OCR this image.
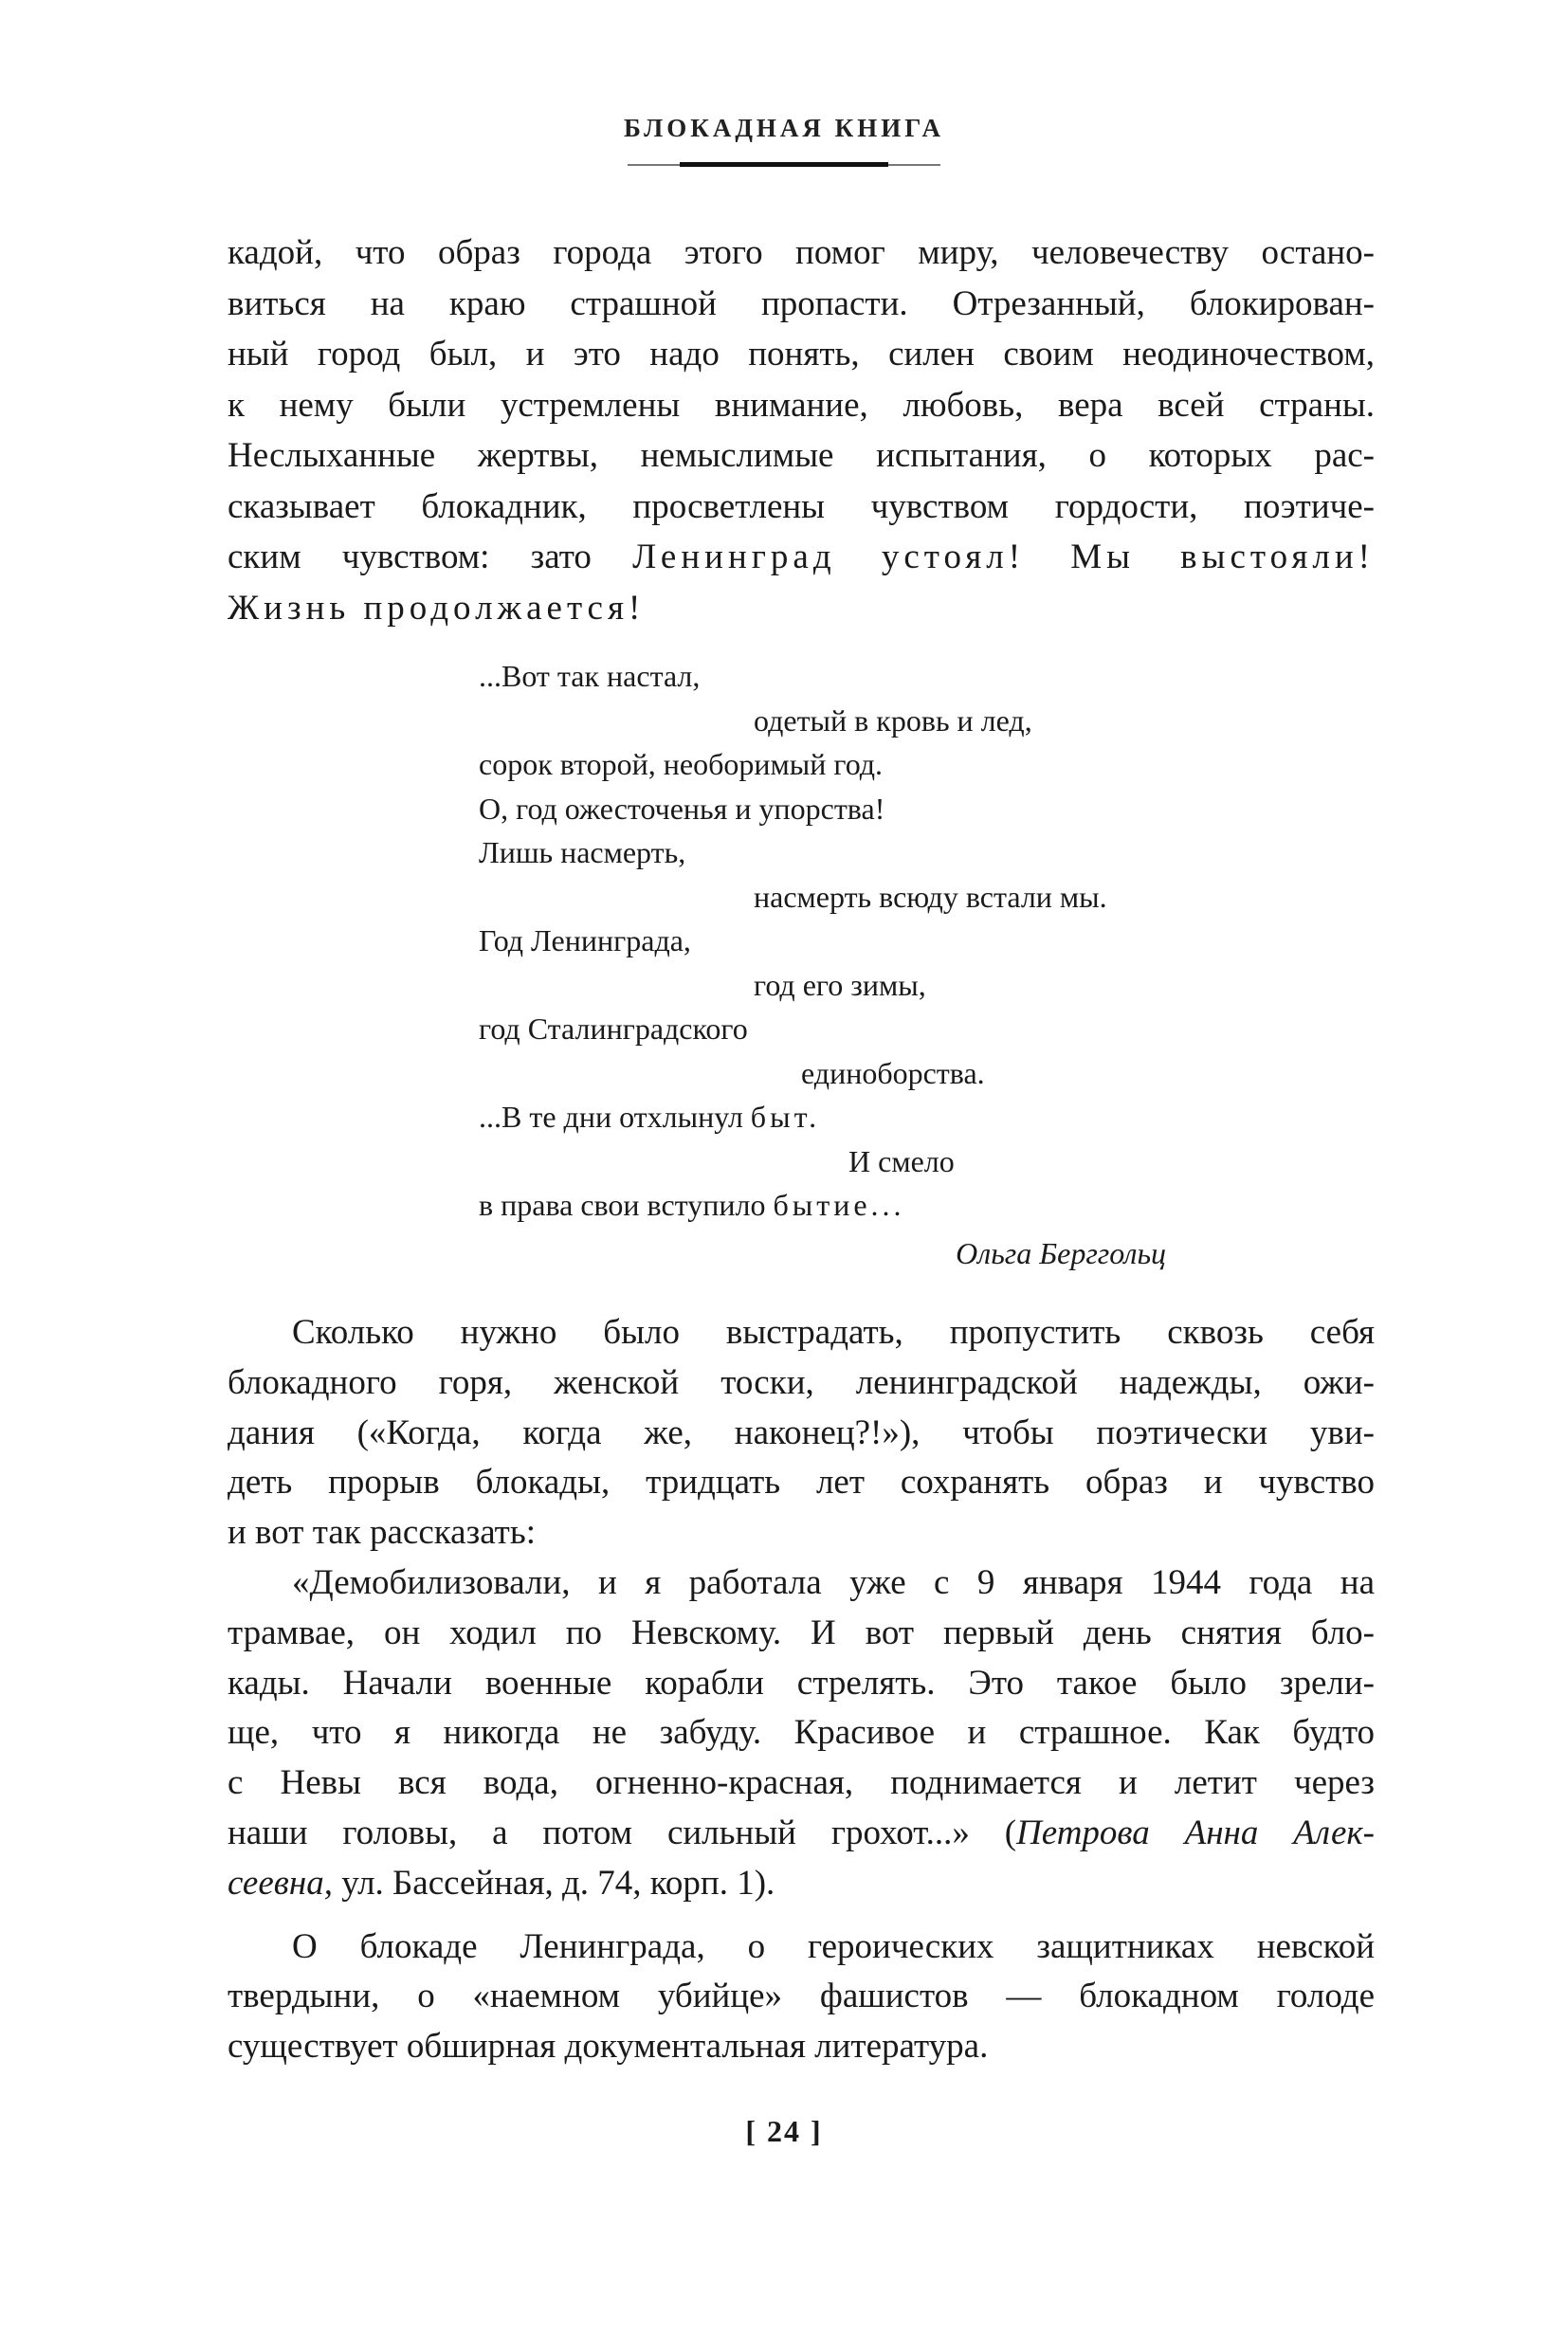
БЛОКАДНАЯ КНИГА
кадой, что образ города этого помог миру, человечеству остано-
виться на краю страшной пропасти. Отрезанный, блокирован-
ный город был, и это надо понять, силен своим неодиночеством,
к нему были устремлены внимание, любовь, вера всей страны.
Неслыханные жертвы, немыслимые испытания, о которых рас-
сказывает блокадник, просветлены чувством гордости, поэтиче-
ским чувством: зато Ленинград устоял! Мы выстояли!
Жизнь продолжается!
...Вот так настал,
одетый в кровь и лед,
сорок второй, необоримый год.
О, год ожесточенья и упорства!
Лишь насмерть,
насмерть всюду встали мы.
Год Ленинграда,
год его зимы,
год Сталинградского
единоборства.
...В те дни отхлынул быт.
И смело
в права свои вступило бытие...
Ольга Берггольц
Сколько нужно было выстрадать, пропустить сквозь себя
блокадного горя, женской тоски, ленинградской надежды, ожи-
дания («Когда, когда же, наконец?!»), чтобы поэтически уви-
деть прорыв блокады, тридцать лет сохранять образ и чувство
и вот так рассказать:
«Демобилизовали, и я работала уже с 9 января 1944 года на
трамвае, он ходил по Невскому. И вот первый день снятия бло-
кады. Начали военные корабли стрелять. Это такое было зрели-
ще, что я никогда не забуду. Красивое и страшное. Как будто
с Невы вся вода, огненно-красная, поднимается и летит через
наши головы, а потом сильный грохот...» (Петрова Анна Алек-
сеевна, ул. Бассейная, д. 74, корп. 1).
О блокаде Ленинграда, о героических защитниках невской
твердыни, о «наемном убийце» фашистов — блокадном голоде
существует обширная документальная литература.
[ 24 ]
